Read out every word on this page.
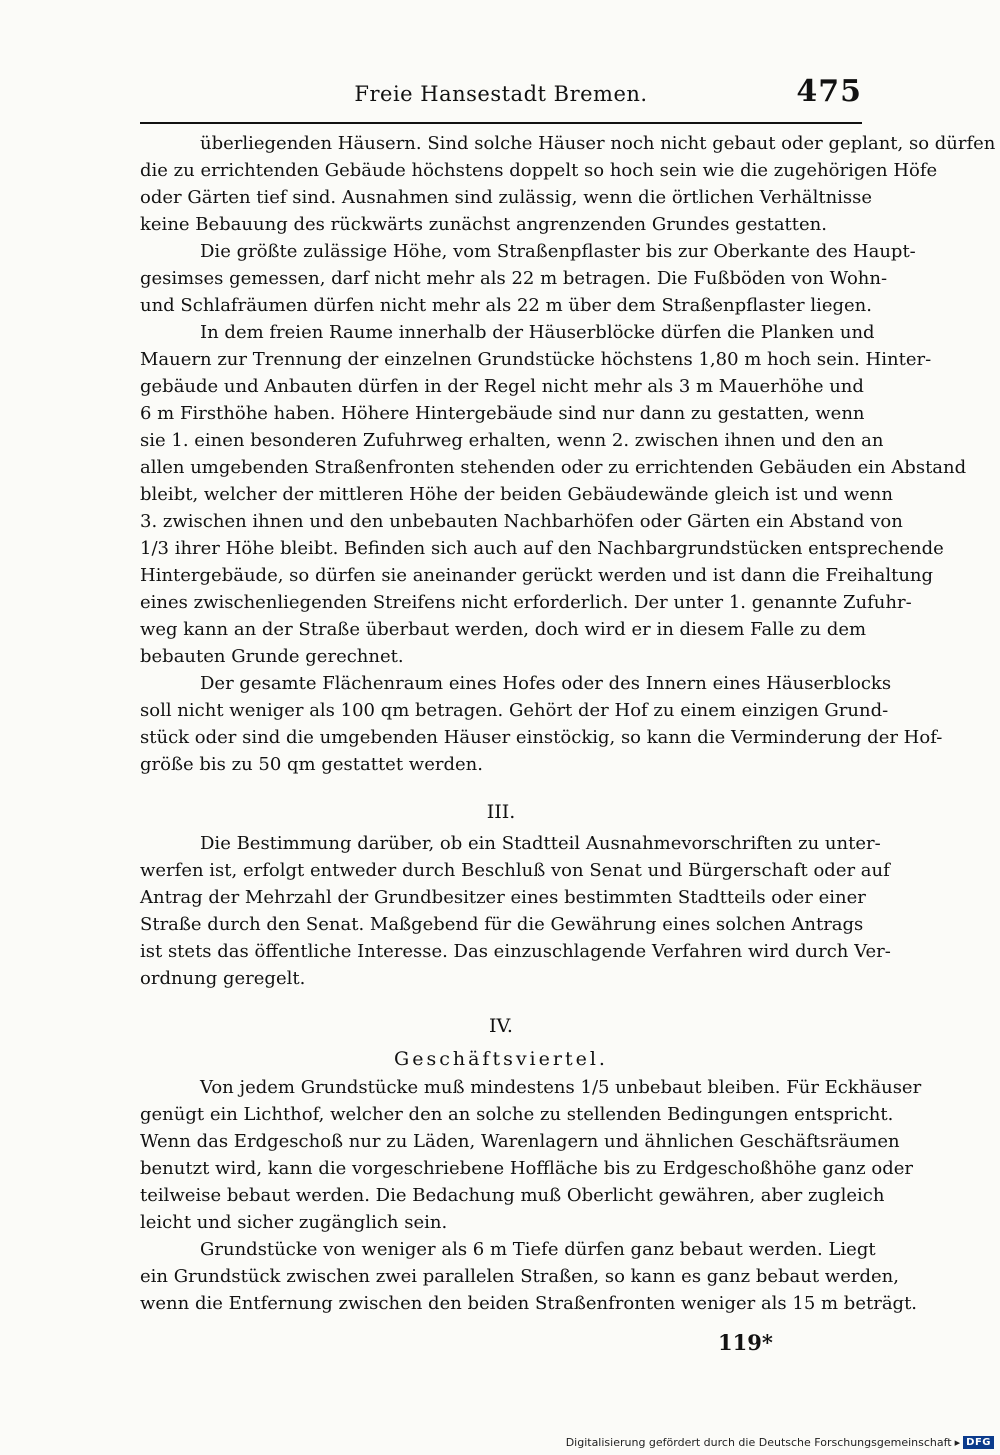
Freie Hansestadt Bremen.	475
überliegenden Häusern. Sind solche Häuser noch nicht gebaut oder geplant, so dürfen
die zu errichtenden Gebäude höchstens doppelt so hoch sein wie die zugehörigen Höfe
oder Gärten tief sind. Ausnahmen sind zulässig, wenn die örtlichen Verhältnisse
keine Bebauung des rückwärts zunächst angrenzenden Grundes gestatten.
Die größte zulässige Höhe, vom Straßenpflaster bis zur Oberkante des Haupt-
gesimses gemessen, darf nicht mehr als 22 m betragen. Die Fußböden von Wohn-
und Schlafräumen dürfen nicht mehr als 22 m über dem Straßenpflaster liegen.
In dem freien Raume innerhalb der Häuserblöcke dürfen die Planken und
Mauern zur Trennung der einzelnen Grundstücke höchstens 1,80 m hoch sein. Hinter-
gebäude und Anbauten dürfen in der Regel nicht mehr als 3 m Mauerhöhe und
6 m Firsthöhe haben. Höhere Hintergebäude sind nur dann zu gestatten, wenn
sie 1. einen besonderen Zufuhrweg erhalten, wenn 2. zwischen ihnen und den an
allen umgebenden Straßenfronten stehenden oder zu errichtenden Gebäuden ein Abstand
bleibt, welcher der mittleren Höhe der beiden Gebäudewände gleich ist und wenn
3. zwischen ihnen und den unbebauten Nachbarhöfen oder Gärten ein Abstand von
1/3 ihrer Höhe bleibt. Befinden sich auch auf den Nachbargrundstücken entsprechende
Hintergebäude, so dürfen sie aneinander gerückt werden und ist dann die Freihaltung
eines zwischenliegenden Streifens nicht erforderlich. Der unter 1. genannte Zufuhr-
weg kann an der Straße überbaut werden, doch wird er in diesem Falle zu dem
bebauten Grunde gerechnet.
Der gesamte Flächenraum eines Hofes oder des Innern eines Häuserblocks
soll nicht weniger als 100 qm betragen. Gehört der Hof zu einem einzigen Grund-
stück oder sind die umgebenden Häuser einstöckig, so kann die Verminderung der Hof-
größe bis zu 50 qm gestattet werden.
III.
Die Bestimmung darüber, ob ein Stadtteil Ausnahmevorschriften zu unter-
werfen ist, erfolgt entweder durch Beschluß von Senat und Bürgerschaft oder auf
Antrag der Mehrzahl der Grundbesitzer eines bestimmten Stadtteils oder einer
Straße durch den Senat. Maßgebend für die Gewährung eines solchen Antrags
ist stets das öffentliche Interesse. Das einzuschlagende Verfahren wird durch Ver-
ordnung geregelt.
IV.
Geschäftsviertel.
Von jedem Grundstücke muß mindestens 1/5 unbebaut bleiben. Für Eckhäuser
genügt ein Lichthof, welcher den an solche zu stellenden Bedingungen entspricht.
Wenn das Erdgeschoß nur zu Läden, Warenlagern und ähnlichen Geschäftsräumen
benutzt wird, kann die vorgeschriebene Hoffläche bis zu Erdgeschoßhöhe ganz oder
teilweise bebaut werden. Die Bedachung muß Oberlicht gewähren, aber zugleich
leicht und sicher zugänglich sein.
Grundstücke von weniger als 6 m Tiefe dürfen ganz bebaut werden. Liegt
ein Grundstück zwischen zwei parallelen Straßen, so kann es ganz bebaut werden,
wenn die Entfernung zwischen den beiden Straßenfronten weniger als 15 m beträgt.
119*
Digitalisierung gefördert durch die Deutsche Forschungsgemeinschaft ▸ DFG
